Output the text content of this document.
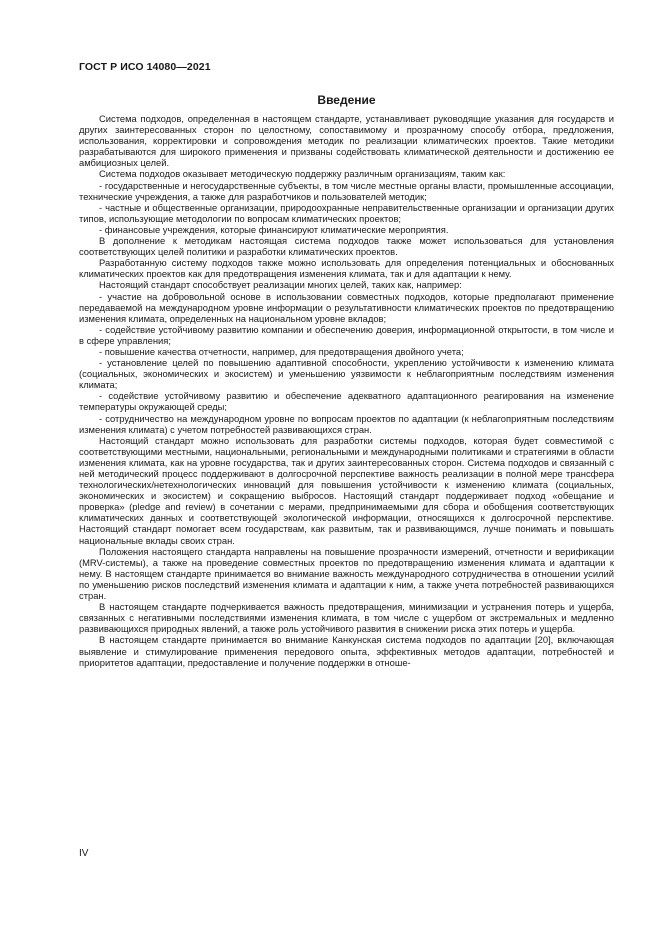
ГОСТ Р ИСО 14080—2021
Введение

Система подходов, определенная в настоящем стандарте, устанавливает руководящие указания для государств и других заинтересованных сторон по целостному, сопоставимому и прозрачному способу отбора, предложения, использования, корректировки и сопровождения методик по реализации климатических проектов. Такие методики разрабатываются для широкого применения и призваны содействовать климатической деятельности и достижению ее амбициозных целей.

Система подходов оказывает методическую поддержку различным организациям, таким как:

- государственные и негосударственные субъекты, в том числе местные органы власти, промышленные ассоциации, технические учреждения, а также для разработчиков и пользователей методик;

- частные и общественные организации, природоохранные неправительственные организации и организации других типов, использующие методологии по вопросам климатических проектов;

- финансовые учреждения, которые финансируют климатические мероприятия.

В дополнение к методикам настоящая система подходов также может использоваться для установления соответствующих целей политики и разработки климатических проектов.

Разработанную систему подходов также можно использовать для определения потенциальных и обоснованных климатических проектов как для предотвращения изменения климата, так и для адаптации к нему.

Настоящий стандарт способствует реализации многих целей, таких как, например:

- участие на добровольной основе в использовании совместных подходов, которые предполагают применение передаваемой на международном уровне информации о результативности климатических проектов по предотвращению изменения климата, определенных на национальном уровне вкладов;

- содействие устойчивому развитию компании и обеспечению доверия, информационной открытости, в том числе и в сфере управления;

- повышение качества отчетности, например, для предотвращения двойного учета;

- установление целей по повышению адаптивной способности, укреплению устойчивости к изменению климата (социальных, экономических и экосистем) и уменьшению уязвимости к неблагоприятным последствиям изменения климата;

- содействие устойчивому развитию и обеспечение адекватного адаптационного реагирования на изменение температуры окружающей среды;

- сотрудничество на международном уровне по вопросам проектов по адаптации (к неблагоприятным последствиям изменения климата) с учетом потребностей развивающихся стран.

Настоящий стандарт можно использовать для разработки системы подходов, которая будет совместимой с соответствующими местными, национальными, региональными и международными политиками и стратегиями в области изменения климата, как на уровне государства, так и других заинтересованных сторон. Система подходов и связанный с ней методический процесс поддерживают в долгосрочной перспективе важность реализации в полной мере трансфера технологических/нетехнологических инноваций для повышения устойчивости к изменению климата (социальных, экономических и экосистем) и сокращению выбросов. Настоящий стандарт поддерживает подход «обещание и проверка» (pledge and review) в сочетании с мерами, предпринимаемыми для сбора и обобщения соответствующих климатических данных и соответствующей экологической информации, относящихся к долгосрочной перспективе. Настоящий стандарт помогает всем государствам, как развитым, так и развивающимся, лучше понимать и повышать национальные вклады своих стран.

Положения настоящего стандарта направлены на повышение прозрачности измерений, отчетности и верификации (MRV-системы), а также на проведение совместных проектов по предотвращению изменения климата и адаптации к нему. В настоящем стандарте принимается во внимание важность международного сотрудничества в отношении усилий по уменьшению рисков последствий изменения климата и адаптации к ним, а также учета потребностей развивающихся стран.

В настоящем стандарте подчеркивается важность предотвращения, минимизации и устранения потерь и ущерба, связанных с негативными последствиями изменения климата, в том числе с ущербом от экстремальных и медленно развивающихся природных явлений, а также роль устойчивого развития в снижении риска этих потерь и ущерба.

В настоящем стандарте принимается во внимание Канкунская система подходов по адаптации [20], включающая выявление и стимулирование применения передового опыта, эффективных методов адаптации, потребностей и приоритетов адаптации, предоставление и получение поддержки в отноше-

IV
